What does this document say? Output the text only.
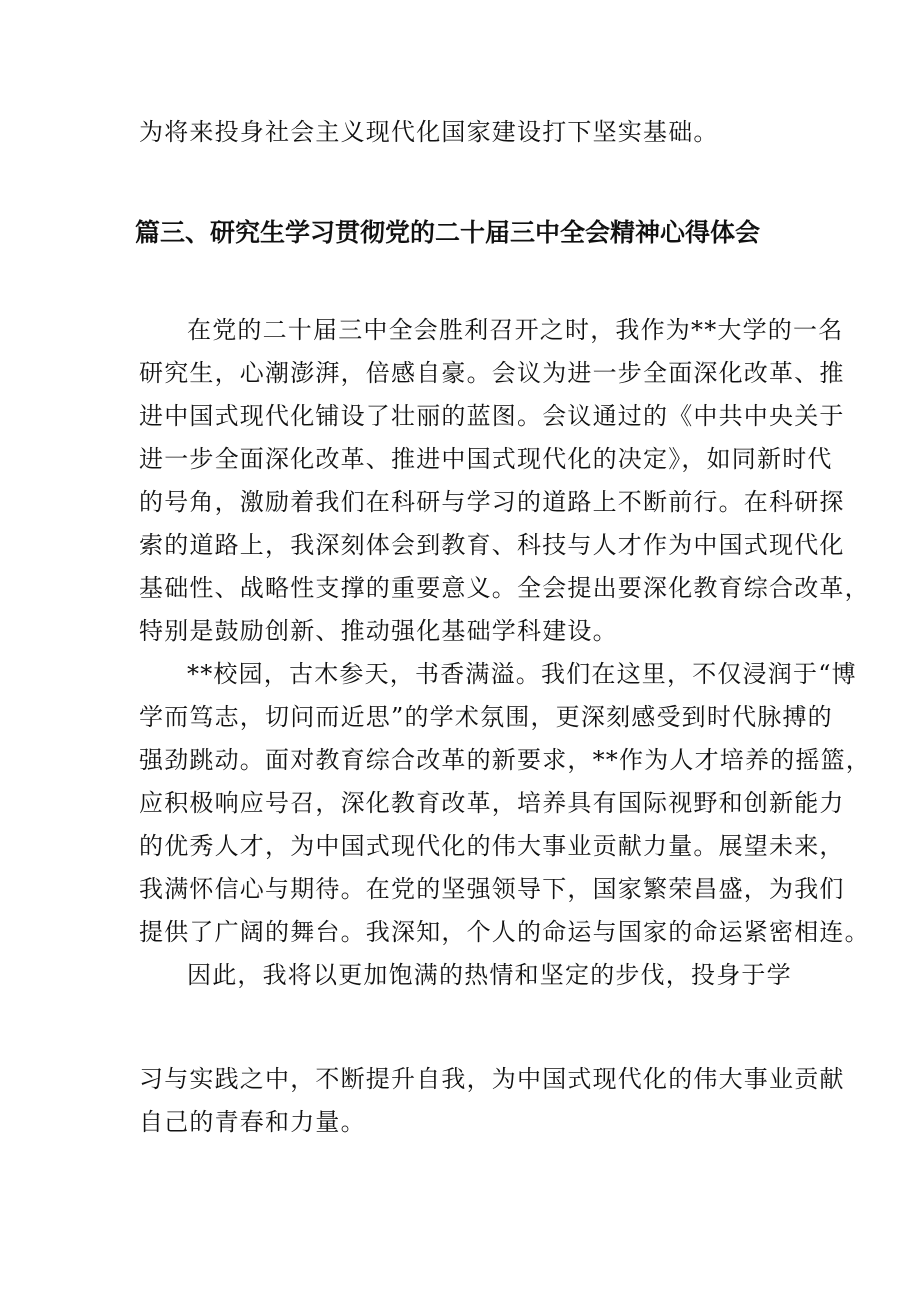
为将来投身社会主义现代化国家建设打下坚实基础。
篇三、研究生学习贯彻党的二十届三中全会精神心得体会
在党的二十届三中全会胜利召开之时，我作为**大学的一名
研究生，心潮澎湃，倍感自豪。会议为进一步全面深化改革、推
进中国式现代化铺设了壮丽的蓝图。会议通过的《中共中央关于
进一步全面深化改革、推进中国式现代化的决定》，如同新时代
的号角，激励着我们在科研与学习的道路上不断前行。在科研探
索的道路上，我深刻体会到教育、科技与人才作为中国式现代化
基础性、战略性支撑的重要意义。全会提出要深化教育综合改革，
特别是鼓励创新、推动强化基础学科建设。
**校园，古木参天，书香满溢。我们在这里，不仅浸润于“博
学而笃志，切问而近思”的学术氛围，更深刻感受到时代脉搏的
强劲跳动。面对教育综合改革的新要求，**作为人才培养的摇篮，
应积极响应号召，深化教育改革，培养具有国际视野和创新能力
的优秀人才，为中国式现代化的伟大事业贡献力量。展望未来，
我满怀信心与期待。在党的坚强领导下，国家繁荣昌盛，为我们
提供了广阔的舞台。我深知，个人的命运与国家的命运紧密相连。
因此，我将以更加饱满的热情和坚定的步伐，投身于学
习与实践之中，不断提升自我，为中国式现代化的伟大事业贡献
自己的青春和力量。
